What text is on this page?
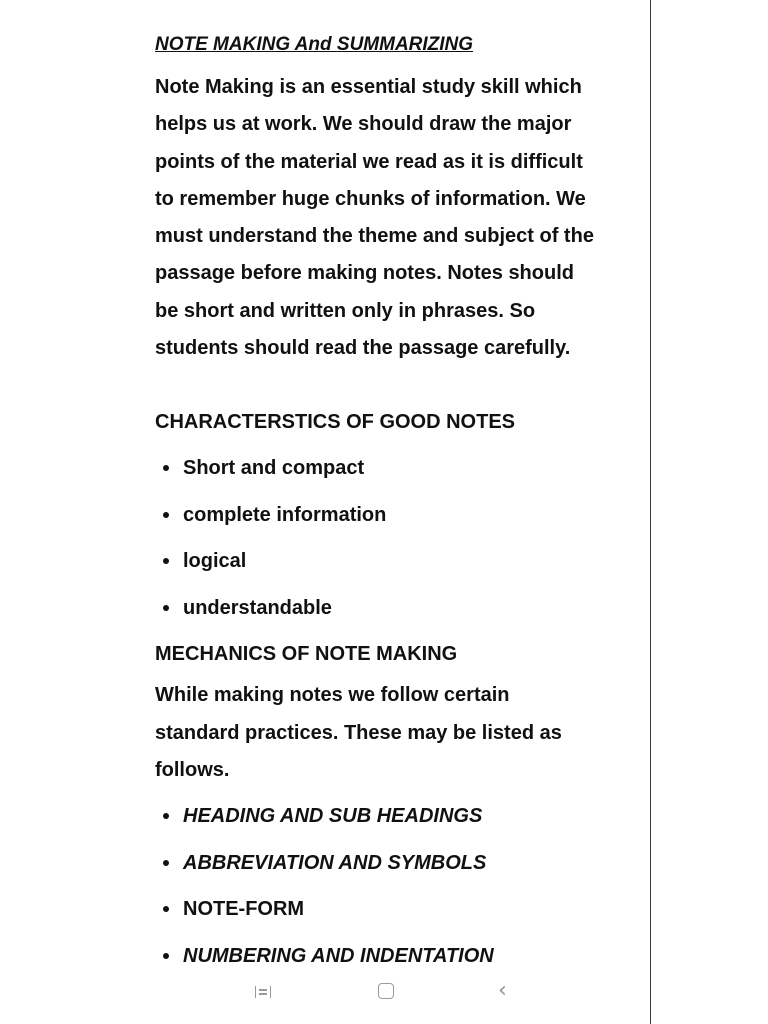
NOTE MAKING And SUMMARIZING
Note Making is an essential study skill which
helps us at work. We should draw the major
points of the material we read as it is difficult
to remember huge chunks of information. We
must understand the theme and subject of the
passage before making notes. Notes should
be short and written only in phrases. So
students should read the passage carefully.
CHARACTERSTICS OF GOOD NOTES
Short and compact
complete information
logical
understandable
MECHANICS OF NOTE MAKING
While making notes we follow certain
standard practices. These may be listed as
follows.
HEADING AND SUB HEADINGS
ABBREVIATION AND SYMBOLS
NOTE-FORM
NUMBERING AND INDENTATION
‹
